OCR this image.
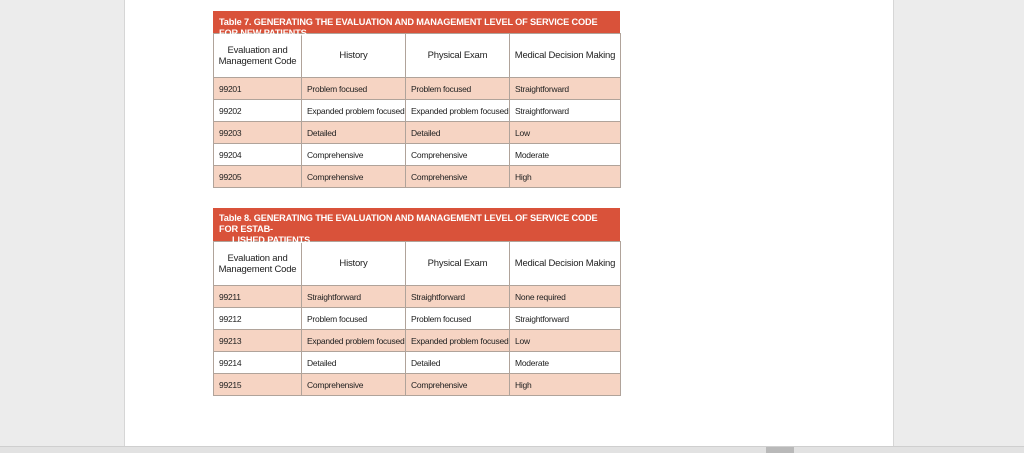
Table 7. GENERATING THE EVALUATION AND MANAGEMENT LEVEL OF SERVICE CODE FOR NEW PATIENTS
Evaluation and Management Code	History	Physical Exam	Medical Decision Making
99201	Problem focused	Problem focused	Straightforward
99202	Expanded problem focused	Expanded problem focused	Straightforward
99203	Detailed	Detailed	Low
99204	Comprehensive	Comprehensive	Moderate
99205	Comprehensive	Comprehensive	High
Table 8. GENERATING THE EVALUATION AND MANAGEMENT LEVEL OF SERVICE CODE FOR ESTAB-
LISHED PATIENTS
Evaluation and Management Code	History	Physical Exam	Medical Decision Making
99211	Straightforward	Straightforward	None required
99212	Problem focused	Problem focused	Straightforward
99213	Expanded problem focused	Expanded problem focused	Low
99214	Detailed	Detailed	Moderate
99215	Comprehensive	Comprehensive	High
